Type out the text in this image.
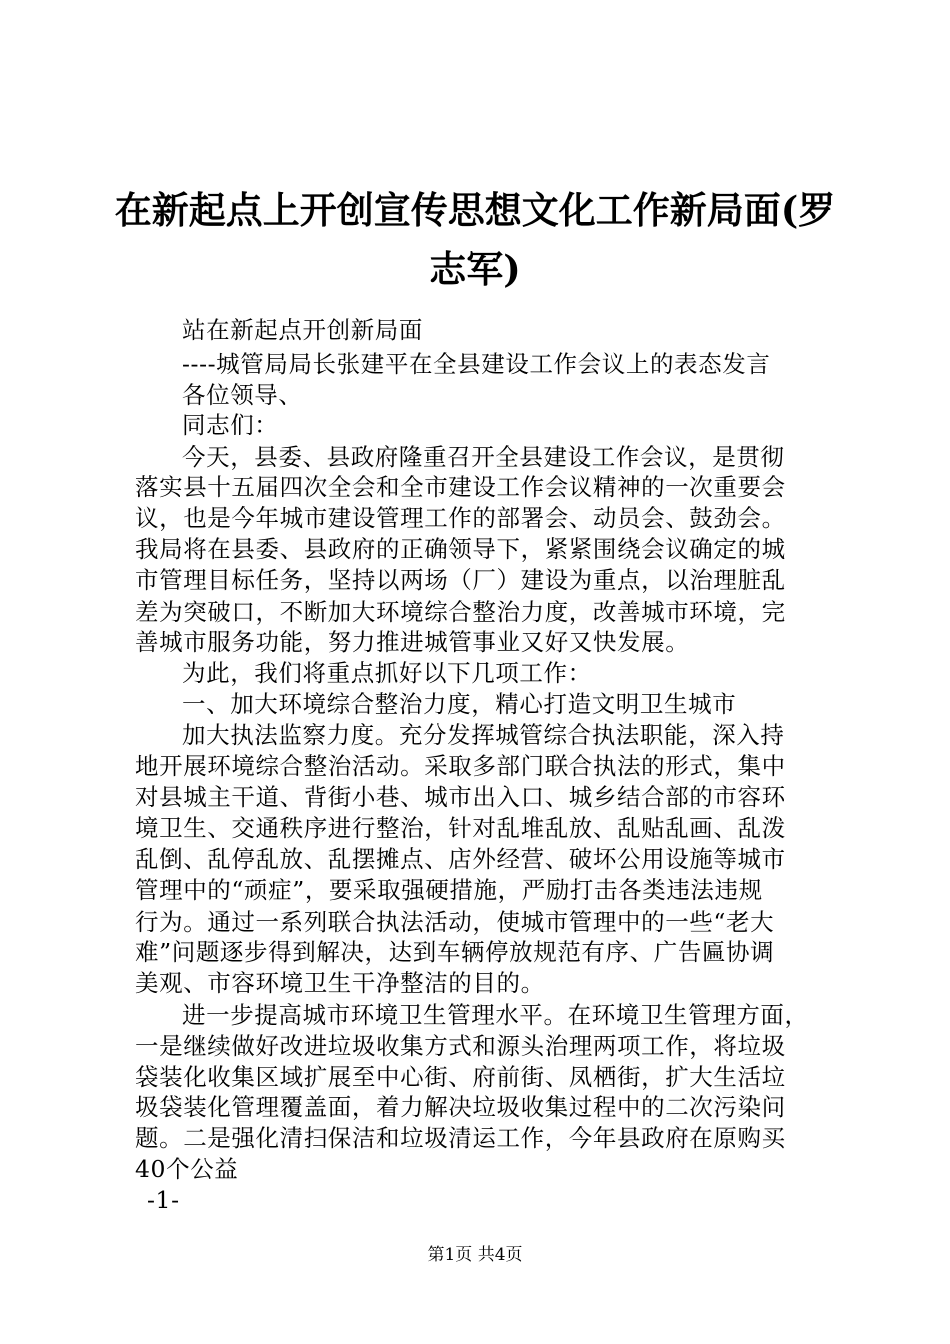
在新起点上开创宣传思想文化工作新局面(罗
志军)
站在新起点开创新局面
----城管局局长张建平在全县建设工作会议上的表态发言
各位领导、
同志们：
今天，县委、县政府隆重召开全县建设工作会议，是贯彻
落实县十五届四次全会和全市建设工作会议精神的一次重要会
议，也是今年城市建设管理工作的部署会、动员会、鼓劲会。
我局将在县委、县政府的正确领导下，紧紧围绕会议确定的城
市管理目标任务，坚持以两场（厂）建设为重点，以治理脏乱
差为突破口，不断加大环境综合整治力度，改善城市环境，完
善城市服务功能，努力推进城管事业又好又快发展。
为此，我们将重点抓好以下几项工作：
一、加大环境综合整治力度，精心打造文明卫生城市
加大执法监察力度。充分发挥城管综合执法职能，深入持
地开展环境综合整治活动。采取多部门联合执法的形式，集中
对县城主干道、背街小巷、城市出入口、城乡结合部的市容环
境卫生、交通秩序进行整治，针对乱堆乱放、乱贴乱画、乱泼
乱倒、乱停乱放、乱摆摊点、店外经营、破坏公用设施等城市
管理中的“顽症”，要采取强硬措施，严励打击各类违法违规
行为。通过一系列联合执法活动，使城市管理中的一些“老大
难”问题逐步得到解决，达到车辆停放规范有序、广告匾协调
美观、市容环境卫生干净整洁的目的。
进一步提高城市环境卫生管理水平。在环境卫生管理方面，
一是继续做好改进垃圾收集方式和源头治理两项工作，将垃圾
袋装化收集区域扩展至中心街、府前街、凤栖街，扩大生活垃
圾袋装化管理覆盖面，着力解决垃圾收集过程中的二次污染问
题。二是强化清扫保洁和垃圾清运工作，今年县政府在原购买
40个公益
-1-
第1页 共4页
